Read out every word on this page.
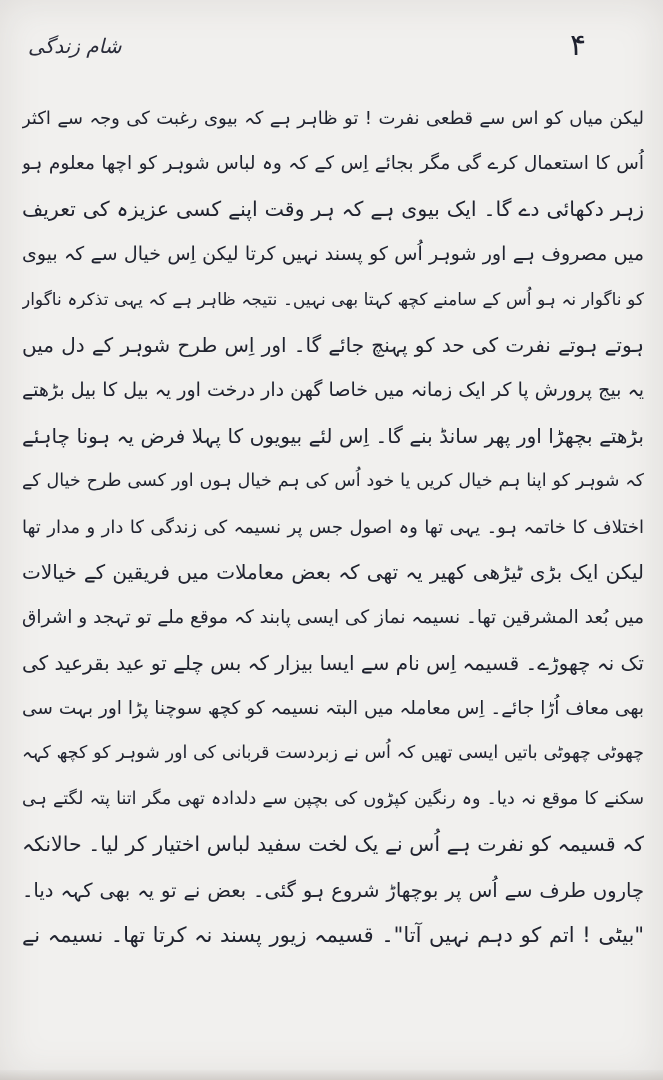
شام زندگی	۴
لیکن میاں کو اس سے قطعی نفرت ! تو ظاہر ہے کہ بیوی رغبت کی وجہ سے اکثر
اُس کا استعمال کرے گی مگر بجائے اِس کے کہ وہ لباس شوہر کو اچھا معلوم ہو
زہر دکھائی دے گا۔ ایک بیوی ہے کہ ہر وقت اپنے کسی عزیزہ کی تعریف
میں مصروف ہے اور شوہر اُس کو پسند نہیں کرتا لیکن اِس خیال سے کہ بیوی
کو ناگوار نہ ہو اُس کے سامنے کچھ کہتا بھی نہیں۔ نتیجہ ظاہر ہے کہ یہی تذکرہ ناگوار
ہوتے ہوتے نفرت کی حد کو پہنچ جائے گا۔ اور اِس طرح شوہر کے دل میں
یہ بیج پرورش پا کر ایک زمانہ میں خاصا گھن دار درخت اور یہ بیل کا بیل بڑھتے
بڑھتے بچھڑا اور پھر سانڈ بنے گا۔ اِس لئے بیویوں کا پہلا فرض یہ ہونا چاہئے
کہ شوہر کو اپنا ہم خیال کریں یا خود اُس کی ہم خیال ہوں اور کسی طرح خیال کے
اختلاف کا خاتمہ ہو۔ یہی تھا وہ اصول جس پر نسیمہ کی زندگی کا دار و مدار تھا
لیکن ایک بڑی ٹیڑھی کھیر یہ تھی کہ بعض معاملات میں فریقین کے خیالات
میں بُعد المشرقین تھا۔ نسیمہ نماز کی ایسی پابند کہ موقع ملے تو تہجد و اشراق
تک نہ چھوڑے۔ قسیمہ اِس نام سے ایسا بیزار کہ بس چلے تو عید بقرعید کی
بھی معاف اُڑا جائے۔ اِس معاملہ میں البتہ نسیمہ کو کچھ سوچنا پڑا اور بہت سی
چھوٹی چھوٹی باتیں ایسی تھیں کہ اُس نے زبردست قربانی کی اور شوہر کو کچھ کہہ
سکنے کا موقع نہ دیا۔ وہ رنگین کپڑوں کی بچپن سے دلدادہ تھی مگر اتنا پتہ لگتے ہی
کہ قسیمہ کو نفرت ہے اُس نے یک لخت سفید لباس اختیار کر لیا۔ حالانکہ
چاروں طرف سے اُس پر بوچھاڑ شروع ہو گئی۔ بعض نے تو یہ بھی کہہ دیا۔
"بیٹی ! اتم کو دہم نہیں آتا"۔ قسیمہ زیور پسند نہ کرتا تھا۔ نسیمہ نے
